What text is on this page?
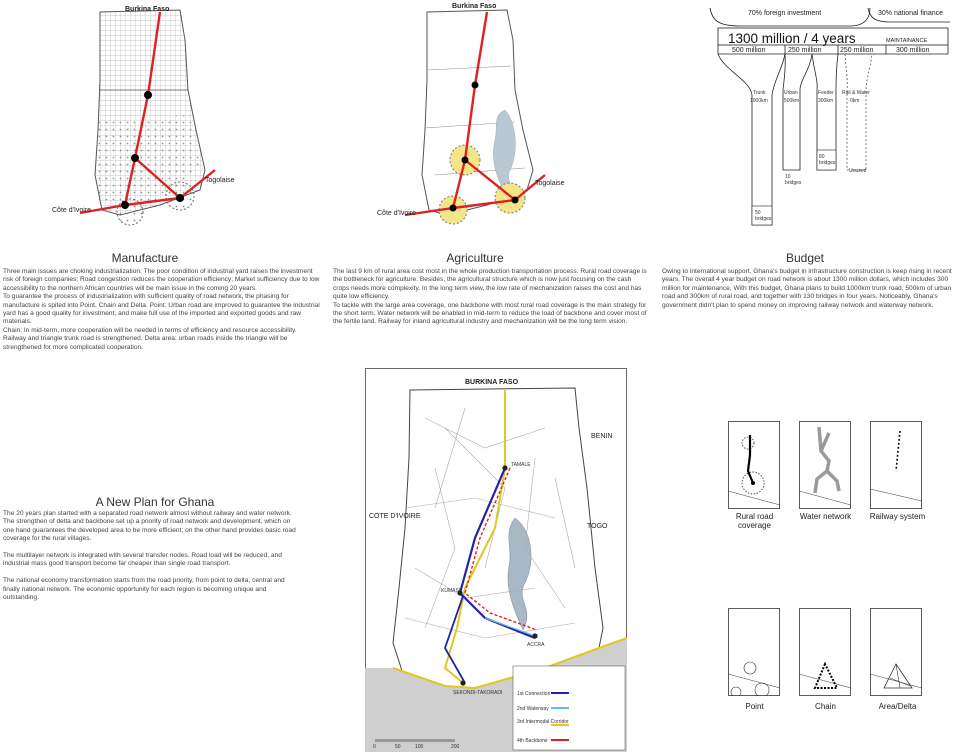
Burkina Faso
Togolaise
Côte d'Ivoire
Manufacture
Three main issues are choking industrialization: The poor condition of industrial yard raises the investment risk of foreign companies; Road congestion reduces the cooperation efficiency; Market sufficiency due to low accessibility to the northern African countries will be main issue in the coming 20 years.
To guarantee the process of industrialization with sufficient quality of road network, the phasing for manufacture is spited into Point, Chain and Delta. Point: Urban road are improved to guarantee the industrial yard has a good quality for investment, and make full use of the imported and exported goods and raw materials.
Chain: In mid-term, more cooperation will be needed in terms of efficiency and resource accessibility. Railway and triangle trunk road is strengthened. Delta area: urban roads inside the triangle will be strengthened for more complicated cooperation.
Burkina Faso
Togolaise
Côte d'Ivoire
Agriculture
The last 9 km of rural area cost most in the whole production transportation process. Rural road coverage is the bottleneck for agriculture. Besides, the agricultural structure which is now just focusing on the cash crops needs more complexity. In the long term view, the low rate of mechanization raises the cost and has quite low efficiency.
To tackle with the large area coverage, one backbone with most rural road coverage is the main strategy for the short term. Water network will be enabled in mid-term to reduce the load of backbone and cover most of the fertile land. Railway for inland agricultural industry and mechanization will be the long term vision.
70% foreign investment	30% national finance
1300 million / 4 years	MAINTAINANCE
500 million	250 million	250 million	300 million
Trunk
1000km
Urban
500km
Feeder
300km
Rail & Water
0km
50 bridges
10 bridges
80 bridges
Unused
Budget
Owing to international support, Ghana's budget in infrastructure construction is keep rising in recent years. The overall 4 year budget on road network is about 1300 million dollars, which includes 300 million for maintenance. With this budget, Ghana plans to build 1000km trunk road, 500km of urban road and 300km of rural road, and together with 130 bridges in four years. Noticeably, Ghana's government didn't plan to spend money on improving railway network and waterway network.
A New Plan for Ghana
The 20 years plan started with a separated road network almost without railway and water network. The strengthen of delta and backbone set up a priority of road network and development, which on one hand guarantees the developed area to be more efficient; on the other hand provides basic road coverage for the rural villages.

The multilayer network is integrated with several transfer nodes. Road load will be reduced, and industrial mass good transport become far cheaper than single road transport.

The national economy transformation starts from the road priority, from point to delta, central and finally national network. The economic opportunity for each region is becoming unique and outstanding.
BURKINA FASO
BENIN
TOGO
COTE D'IVOIRE
TAMALE
KUMASI
ACCRA
SEKONDI-TAKORADI	1st Connection
2nd Waterway
3rd Intermodal Corridor
4th Backbone
0	50	100	200
Rural road
coverage
Water network	Railway system
Point	Chain	Area/Delta
